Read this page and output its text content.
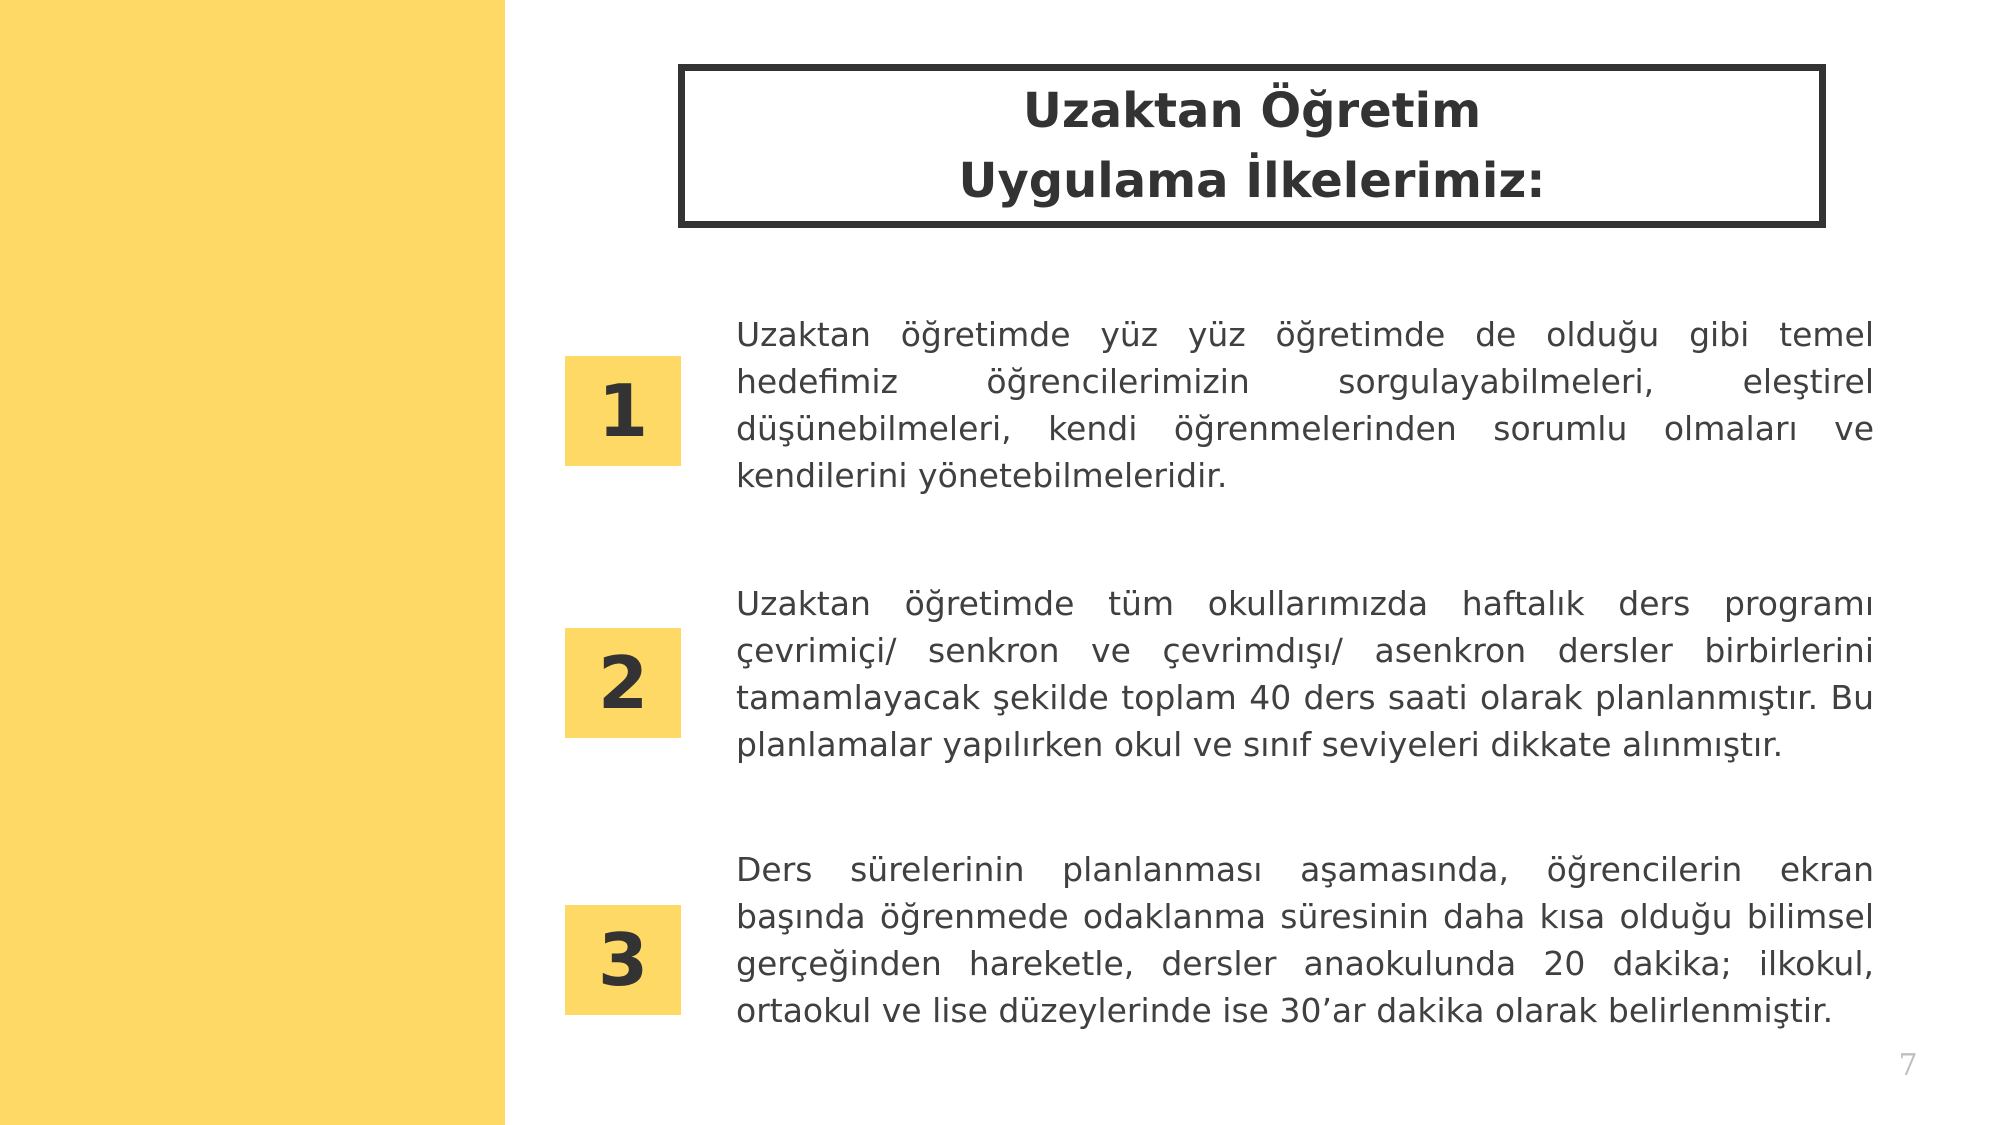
Uzaktan Öğretim
Uygulama İlkelerimiz:
1

Uzaktan öğretimde yüz yüz öğretimde de olduğu gibi temel hedefimiz öğrencilerimizin sorgulayabilmeleri, eleştirel düşünebilmeleri, kendi öğrenmelerinden sorumlu olmaları ve kendilerini yönetebilmeleridir.

2

Uzaktan öğretimde tüm okullarımızda haftalık ders programı çevrimiçi/ senkron ve çevrimdışı/ asenkron dersler birbirlerini tamamlayacak şekilde toplam 40 ders saati olarak planlanmıştır. Bu planlamalar yapılırken okul ve sınıf seviyeleri dikkate alınmıştır.

3

Ders sürelerinin planlanması aşamasında, öğrencilerin ekran başında öğrenmede odaklanma süresinin daha kısa olduğu bilimsel gerçeğinden hareketle, dersler anaokulunda 20 dakika; ilkokul, ortaokul ve lise düzeylerinde ise 30’ar dakika olarak belirlenmiştir.

7
